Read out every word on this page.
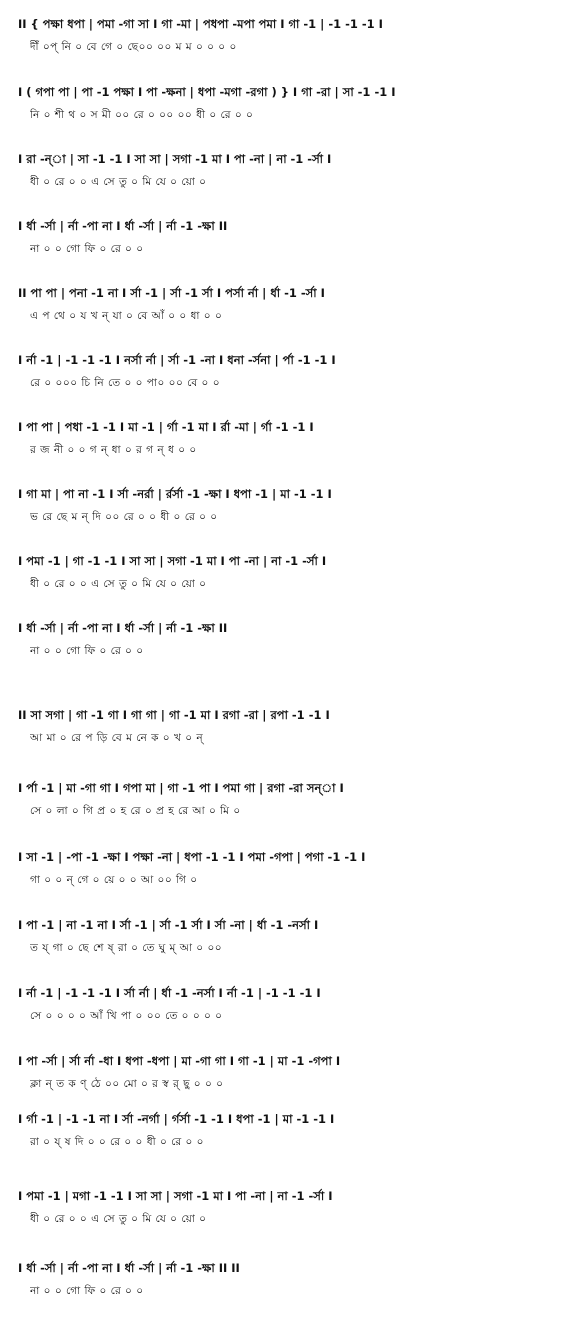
II { পক্ষা ধপা | পমা -গা সা I গা -মা | পধপা -মপা পমা I গা -1 | -1 -1 -1 I
দীঁ ০প্ নি ০ বে গে ০ ছে০০ ০০ ম ম ০ ০ ০ ০
I ( গপা পা | পা -1 পক্ষা I পা -ক্ষনা | ধপা -মগা -রগা ) } I গা -রা | সা -1 -1 I
নি ০ শী থ ০ স মী ০০ রে ০ ০০ ০০ ধী ০ রে ০ ০
I রা -ন্‌া | সা -1 -1 I সা সা | সগা -1 মা I পা -না | না -1 -র্সা I
ধী ০ রে ০ ০ এ সে তু ০ মি যে ০ য়ো ০
I র্ধা -র্সা | র্না -পা না I র্ধা -র্সা | র্না -1 -ক্ষা II
না ০ ০ গো ফি ০ রে ০ ০
II পা পা | পনা -1 না I র্সা -1 | র্সা -1 র্সা I পর্সা র্না | র্ধা -1 -র্সা I
এ প থে ০ য খ ন্ যা ০ বে আঁ ০ ০ ধা ০ ০
I র্না -1 | -1 -1 -1 I নর্সা র্না | র্সা -1 -না I ধনা -র্সনা | র্পা -1 -1 I
রে ০ ০০০ চি নি তে ০ ০ পা০ ০০ বে ০ ০
I পা পা | পধা -1 -1 I মা -1 | র্গা -1 মা I র্রা -মা | র্গা -1 -1 I
র জ নী ০ ০ গ ন্ ধা ০ র গ ন্ ধ ০ ০
I গা মা | পা না -1 I র্সা -নর্রা | র্রর্সা -1 -ক্ষা I ধপা -1 | মা -1 -1 I
ভ রে ছে ম ন্ দি ০০ রে ০ ০ ধী ০ রে ০ ০
I পমা -1 | গা -1 -1 I সা সা | সগা -1 মা I পা -না | না -1 -র্সা I
ধী ০ রে ০ ০ এ সে তু ০ মি যে ০ য়ো ০
I র্ধা -র্সা | র্না -পা না I র্ধা -র্সা | র্না -1 -ক্ষা II
না ০ ০ গো ফি ০ রে ০ ০
II সা সগা | গা -1 গা I গা গা | গা -1 মা I রগা -রা | রপা -1 -1 I
আ মা ০ রে প ড়ি বে ম নে ক ০ খ ০ ন্
I র্পা -1 | মা -গা গা I গপা মা | গা -1 পা I পমা গা | রগা -রা সন্‌া I
সে ০ লা ০ গি প্র ০ হ রে ০ প্র হ রে আ ০ মি ০
I সা -1 | -পা -1 -ক্ষা I পক্ষা -না | ধপা -1 -1 I পমা -গপা | পগা -1 -1 I
গা ০ ০ ন্ গে ০ য়ে ০ ০ আ ০০ গি ০
I পা -1 | না -1 না I র্সা -1 | র্সা -1 র্সা I র্সা -না | র্ধা -1 -নর্সা I
ত য্ গা ০ ছে শে ষ্ রা ০ তে ঘু ম্ আ ০ ০০
I র্না -1 | -1 -1 -1 I র্সা র্না | র্ধা -1 -নর্সা I র্না -1 | -1 -1 -1 I
সে ০ ০ ০ ০ আঁ খি পা ০ ০০ তে ০ ০ ০ ০
I পা -র্সা | র্সা র্না -ধা I ধপা -ধপা | মা -গা গা I গা -1 | মা -1 -গপা I
ক্লা ন্ ত ক ণ্ ঠে ০০ মো ০ র স্ব র্ ছু ০ ০ ০
I র্গা -1 | -1 -1 না I র্সা -নর্গা | র্গর্সা -1 -1 I ধপা -1 | মা -1 -1 I
রা ০ য্ ষ দি ০ ০ রে ০ ০ ধী ০ রে ০ ০
I পমা -1 | মগা -1 -1 I সা সা | সগা -1 মা I পা -না | না -1 -র্সা I
ধী ০ রে ০ ০ এ সে তু ০ মি যে ০ য়ো ০
I র্ধা -র্সা | র্না -পা না I র্ধা -র্সা | র্না -1 -ক্ষা II II
না ০ ০ গো ফি ০ রে ০ ০
